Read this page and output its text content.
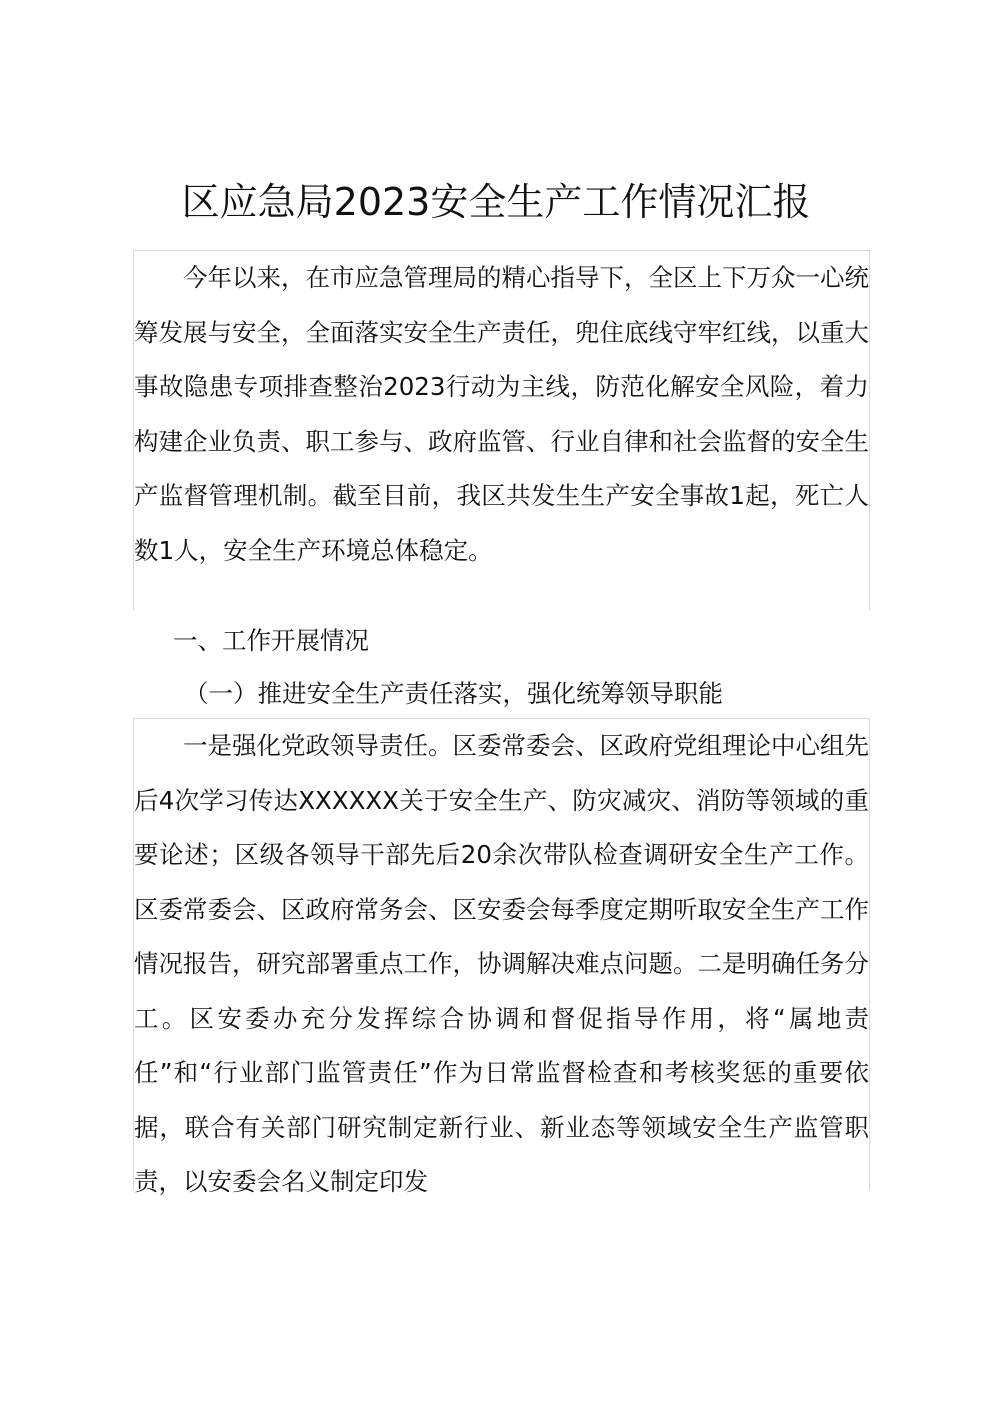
区应急局2023安全生产工作情况汇报

今年以来，在市应急管理局的精心指导下，全区上下万众一心统筹发展与安全，全面落实安全生产责任，兜住底线守牢红线，以重大事故隐患专项排查整治2023行动为主线，防范化解安全风险，着力构建企业负责、职工参与、政府监管、行业自律和社会监督的安全生产监督管理机制。截至目前，我区共发生生产安全事故1起，死亡人数1人，安全生产环境总体稳定。

一、工作开展情况
（一）推进安全生产责任落实，强化统筹领导职能

一是强化党政领导责任。区委常委会、区政府党组理论中心组先后4次学习传达XXXXXX关于安全生产、防灾减灾、消防等领域的重要论述；区级各领导干部先后20余次带队检查调研安全生产工作。区委常委会、区政府常务会、区安委会每季度定期听取安全生产工作情况报告，研究部署重点工作，协调解决难点问题。二是明确任务分工。区安委办充分发挥综合协调和督促指导作用，将“属地责任”和“行业部门监管责任”作为日常监督检查和考核奖惩的重要依据，联合有关部门研究制定新行业、新业态等领域安全生产监管职责，以安委会名义制定印发
